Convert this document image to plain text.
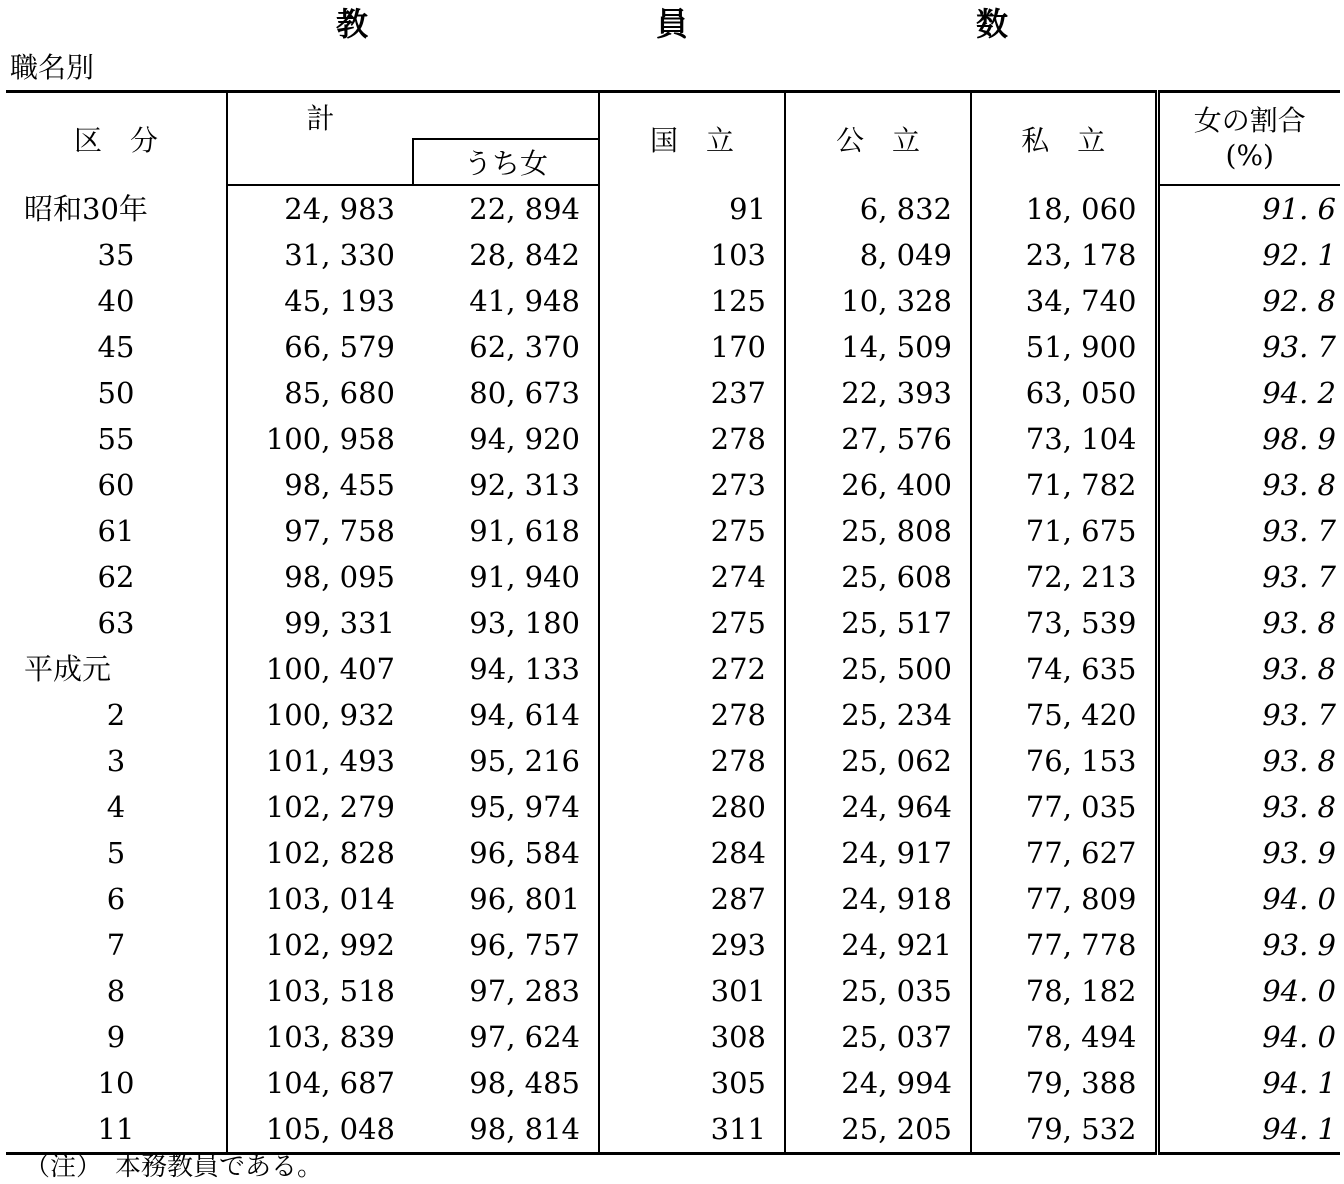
教　員　数
職名別
区　分	計		国　立	公　立	私　立	女の割合
		うち女				(%)
昭和30年	24, 983	22, 894	91	6, 832	18, 060	91. 6
35	31, 330	28, 842	103	8, 049	23, 178	92. 1
40	45, 193	41, 948	125	10, 328	34, 740	92. 8
45	66, 579	62, 370	170	14, 509	51, 900	93. 7
50	85, 680	80, 673	237	22, 393	63, 050	94. 2
55	100, 958	94, 920	278	27, 576	73, 104	98. 9
60	98, 455	92, 313	273	26, 400	71, 782	93. 8
61	97, 758	91, 618	275	25, 808	71, 675	93. 7
62	98, 095	91, 940	274	25, 608	72, 213	93. 7
63	99, 331	93, 180	275	25, 517	73, 539	93. 8
平成元	100, 407	94, 133	272	25, 500	74, 635	93. 8
2	100, 932	94, 614	278	25, 234	75, 420	93. 7
3	101, 493	95, 216	278	25, 062	76, 153	93. 8
4	102, 279	95, 974	280	24, 964	77, 035	93. 8
5	102, 828	96, 584	284	24, 917	77, 627	93. 9
6	103, 014	96, 801	287	24, 918	77, 809	94. 0
7	102, 992	96, 757	293	24, 921	77, 778	93. 9
8	103, 518	97, 283	301	25, 035	78, 182	94. 0
9	103, 839	97, 624	308	25, 037	78, 494	94. 0
10	104, 687	98, 485	305	24, 994	79, 388	94. 1
11	105, 048	98, 814	311	25, 205	79, 532	94. 1
（注）　本務教員である。
